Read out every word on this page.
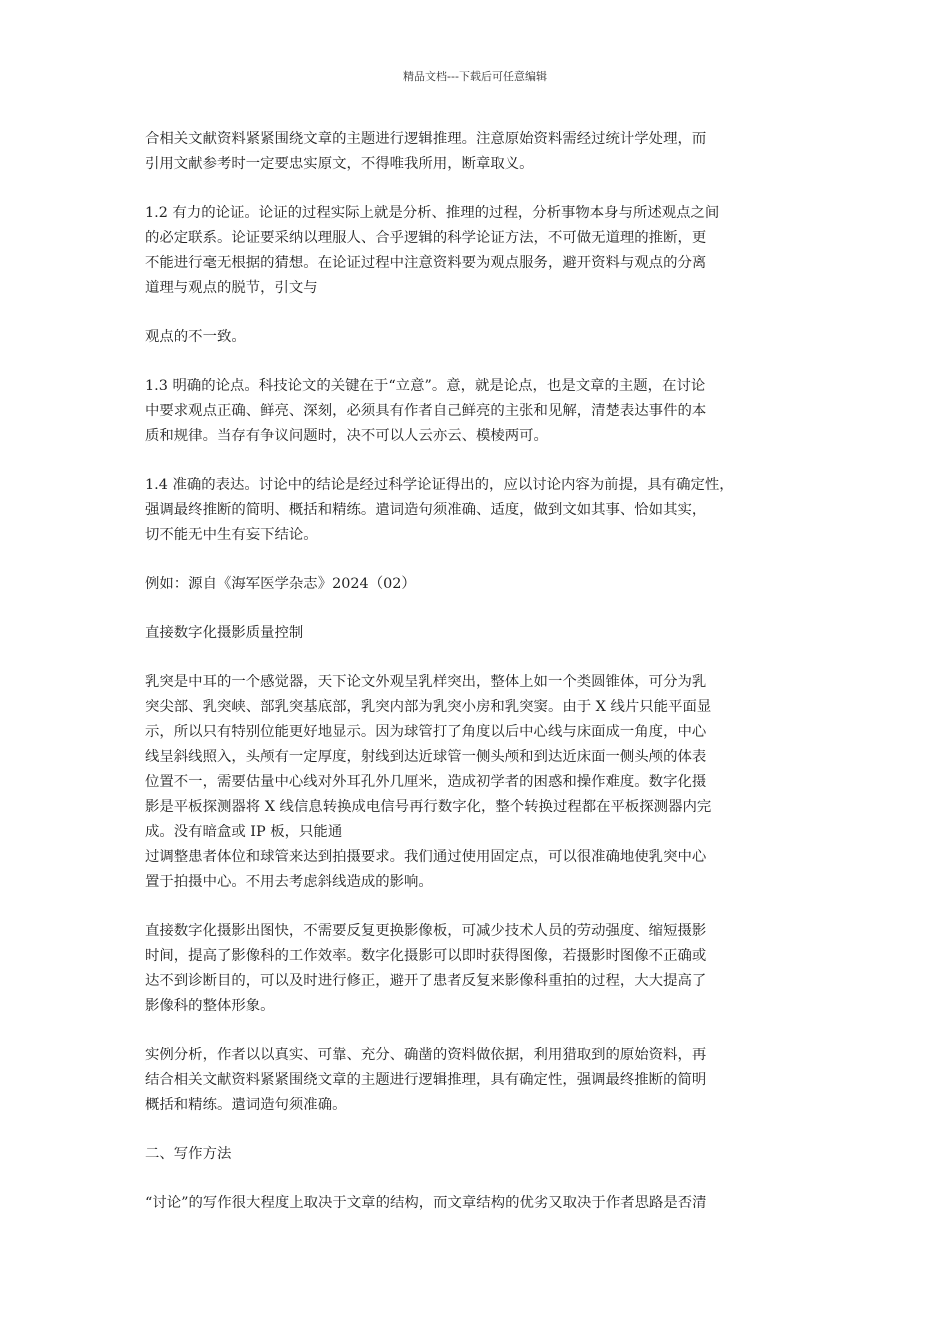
精品文档---下载后可任意编辑

合相关文献资料紧紧围绕文章的主题进行逻辑推理。注意原始资料需经过统计学处理，而
引用文献参考时一定要忠实原文，不得唯我所用，断章取义。

1.2 有力的论证。论证的过程实际上就是分析、推理的过程，分析事物本身与所述观点之间
的必定联系。论证要采纳以理服人、合乎逻辑的科学论证方法，不可做无道理的推断，更
不能进行毫无根据的猜想。在论证过程中注意资料要为观点服务，避开资料与观点的分离
道理与观点的脱节，引文与

观点的不一致。

1.3 明确的论点。科技论文的关键在于“立意”。意，就是论点，也是文章的主题，在讨论
中要求观点正确、鲜亮、深刻，必须具有作者自己鲜亮的主张和见解，清楚表达事件的本
质和规律。当存有争议问题时，决不可以人云亦云、模棱两可。

1.4 准确的表达。讨论中的结论是经过科学论证得出的，应以讨论内容为前提，具有确定性，
强调最终推断的简明、概括和精练。遣词造句须准确、适度，做到文如其事、恰如其实，
切不能无中生有妄下结论。

例如：源自《海军医学杂志》2024（02）

直接数字化摄影质量控制

乳突是中耳的一个感觉器，天下论文外观呈乳样突出，整体上如一个类圆锥体，可分为乳
突尖部、乳突峡、部乳突基底部，乳突内部为乳突小房和乳突窦。由于 X 线片只能平面显
示，所以只有特别位能更好地显示。因为球管打了角度以后中心线与床面成一角度，中心
线呈斜线照入，头颅有一定厚度，射线到达近球管一侧头颅和到达近床面一侧头颅的体表
位置不一，需要估量中心线对外耳孔外几厘米，造成初学者的困惑和操作难度。数字化摄
影是平板探测器将 X 线信息转换成电信号再行数字化，整个转换过程都在平板探测器内完
成。没有暗盒或 IP 板，只能通
过调整患者体位和球管来达到拍摄要求。我们通过使用固定点，可以很准确地使乳突中心
置于拍摄中心。不用去考虑斜线造成的影响。

直接数字化摄影出图快，不需要反复更换影像板，可减少技术人员的劳动强度、缩短摄影
时间，提高了影像科的工作效率。数字化摄影可以即时获得图像，若摄影时图像不正确或
达不到诊断目的，可以及时进行修正，避开了患者反复来影像科重拍的过程，大大提高了
影像科的整体形象。

实例分析，作者以以真实、可靠、充分、确凿的资料做依据，利用猎取到的原始资料，再
结合相关文献资料紧紧围绕文章的主题进行逻辑推理，具有确定性，强调最终推断的简明
概括和精练。遣词造句须准确。

二、写作方法

“讨论”的写作很大程度上取决于文章的结构，而文章结构的优劣又取决于作者思路是否清
